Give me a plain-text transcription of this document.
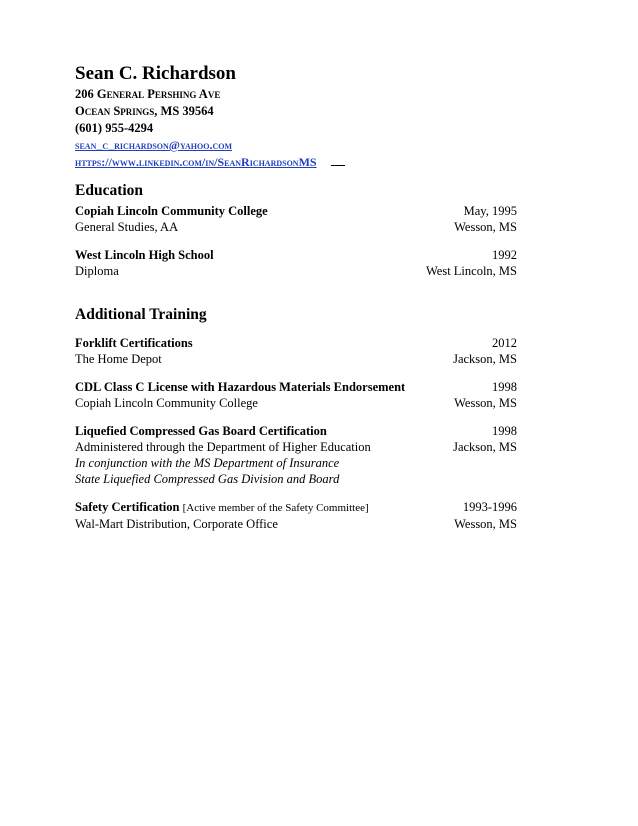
Sean C. Richardson
206 General Pershing Ave
Ocean Springs, MS 39564
(601) 955-4294
sean_c_richardson@yahoo.com
https://www.linkedin.com/in/SeanRichardsonMS
Education
Copiah Lincoln Community College	May, 1995
General Studies, AA	Wesson, MS
West Lincoln High School	1992
Diploma	West Lincoln, MS
Additional Training
Forklift Certifications	2012
The Home Depot	Jackson, MS
CDL Class C License with Hazardous Materials Endorsement	1998
Copiah Lincoln Community College	Wesson, MS
Liquefied Compressed Gas Board Certification	1998
Administered through the Department of Higher Education	Jackson, MS
In conjunction with the MS Department of Insurance
State Liquefied Compressed Gas Division and Board
Safety Certification [Active member of the Safety Committee]	1993-1996
Wal-Mart Distribution, Corporate Office	Wesson, MS
